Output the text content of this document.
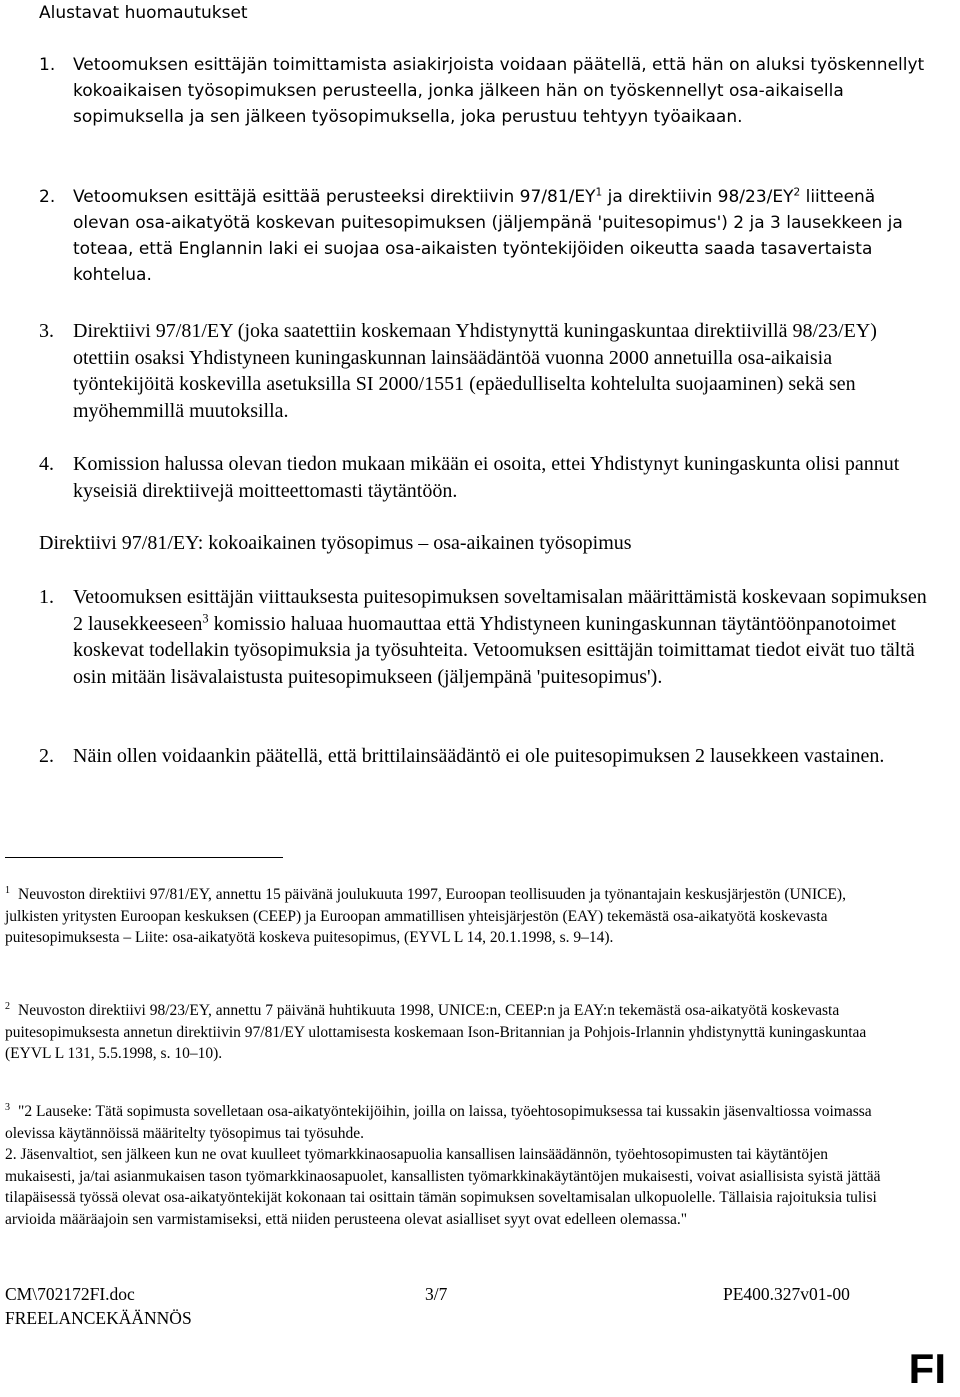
Alustavat huomautukset
1. Vetoomuksen esittäjän toimittamista asiakirjoista voidaan päätellä, että hän on aluksi työskennellyt kokoaikaisen työsopimuksen perusteella, jonka jälkeen hän on työskennellyt osa-aikaisella sopimuksella ja sen jälkeen työsopimuksella, joka perustuu tehtyyn työaikaan.
2. Vetoomuksen esittäjä esittää perusteeksi direktiivin $97/81/EY^1$ ja direktiivin $98/23/EY^2$ liitteenä olevan osa-aikatyötä koskevan puitesopimuksen (jäljempänä 'puitesopimus') 2 ja 3 lausekkeen ja toteaa, että Englannin laki ei suojaa osa-aikaisten työntekijöiden oikeutta saada tasavertaista kohtelua.
3. Direktiivi 97/81/EY (joka saatettiin koskemaan Yhdistynyttä kuningaskuntaa direktiivillä 98/23/EY) otettiin osaksi Yhdistyneen kuningaskunnan lainsäädäntöä vuonna 2000 annetuilla osa-aikaisia työntekijöitä koskevilla asetuksilla SI 2000/1551 (epäedulliselta kohtelulta suojaaminen) sekä sen myöhemmillä muutoksilla.
4. Komission halussa olevan tiedon mukaan mikään ei osoita, ettei Yhdistynyt kuningaskunta olisi pannut kyseisiä direktiivejä moitteettomasti täytäntöön.
Direktiivi 97/81/EY: kokoaikainen työsopimus – osa-aikainen työsopimus
1. Vetoomuksen esittäjän viittauksesta puitesopimuksen soveltamisalan määrittämistä koskevaan sopimuksen 2 lausekkeeseen$^3$ komissio haluaa huomauttaa että Yhdistyneen kuningaskunnan täytäntöönpanotoimet koskevat todellakin työsopimuksia ja työsuhteita. Vetoomuksen esittäjän toimittamat tiedot eivät tuo tältä osin mitään lisävalaistusta puitesopimukseen (jäljempänä 'puitesopimus').
2. Näin ollen voidaankin päätellä, että brittilainsäädäntö ei ole puitesopimuksen 2 lausekkeen vastainen.
$^1$ Neuvoston direktiivi 97/81/EY, annettu 15 päivänä joulukuuta 1997, Euroopan teollisuuden ja työnantajain keskusjärjestön (UNICE), julkisten yritysten Euroopan keskuksen (CEEP) ja Euroopan ammatillisen yhteisjärjestön (EAY) tekemästä osa-aikatyötä koskevasta puitesopimuksesta – Liite: osa-aikatyötä koskeva puitesopimus, (EYVL L 14, 20.1.1998, s. 9–14).
$^2$ Neuvoston direktiivi 98/23/EY, annettu 7 päivänä huhtikuuta 1998, UNICE:n, CEEP:n ja EAY:n tekemästä osa-aikatyötä koskevasta puitesopimuksesta annetun direktiivin 97/81/EY ulottamisesta koskemaan Ison-Britannian ja Pohjois-Irlannin yhdistynyttä kuningaskuntaa (EYVL L 131, 5.5.1998, s. 10–10).
$^3$ "2 Lauseke: Tätä sopimusta sovelletaan osa-aikatyöntekijöihin, joilla on laissa, työehtosopimuksessa tai kussakin jäsenvaltiossa voimassa olevissa käytännöissä määritelty työsopimus tai työsuhde.
2. Jäsenvaltiot, sen jälkeen kun ne ovat kuulleet työmarkkinaosapuolia kansallisen lainsäädännön, työehtosopimusten tai käytäntöjen mukaisesti, ja/tai asianmukaisen tason työmarkkinaosapuolet, kansallisten työmarkkinakäytäntöjen mukaisesti, voivat asiallisista syistä jättää tilapäisessä työssä olevat osa-aikatyöntekijät kokonaan tai osittain tämän sopimuksen soveltamisalan ulkopuolelle. Tällaisia rajoituksia tulisi arvioida määräajoin sen varmistamiseksi, että niiden perusteena olevat asialliset syyt ovat edelleen olemassa."
CM\702172FI.doc	3/7	PE400.327v01-00
FREELANCEKÄÄNNÖS
FI
